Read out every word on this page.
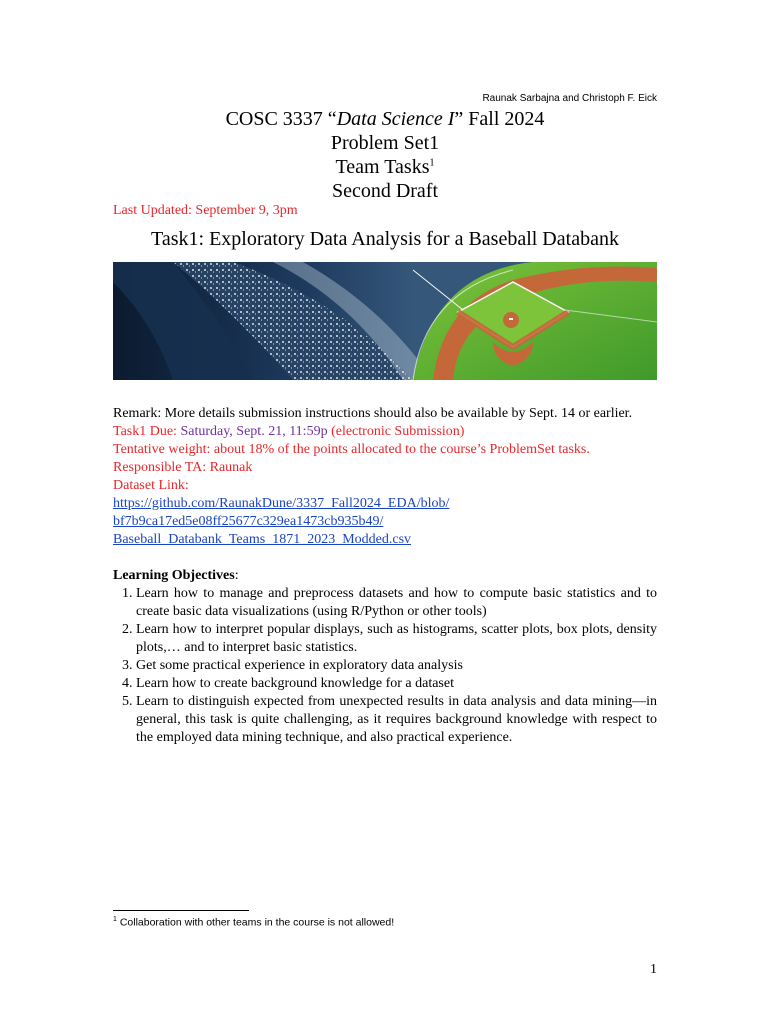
Raunak Sarbajna and Christoph F. Eick
COSC 3337 “Data Science I” Fall 2024
Problem Set1
Team Tasks$^1$
Second Draft
Last Updated: September 9, 3pm
Task1: Exploratory Data Analysis for a Baseball Databank
Remark: More details submission instructions should also be available by Sept. 14 or earlier.
Task1 Due: Saturday, Sept. 21, 11:59p (electronic Submission)
Tentative weight: about 18% of the points allocated to the course’s ProblemSet tasks.
Responsible TA: Raunak
Dataset Link:
https://github.com/RaunakDune/3337_Fall2024_EDA/blob/
bf7b9ca17ed5e08ff25677c329ea1473cb935b49/
Baseball_Databank_Teams_1871_2023_Modded.csv
Learning Objectives:
1. Learn how to manage and preprocess datasets and how to compute basic statistics and to create basic data visualizations (using R/Python or other tools)
2. Learn how to interpret popular displays, such as histograms, scatter plots, box plots, density plots,… and to interpret basic statistics.
3. Get some practical experience in exploratory data analysis
4. Learn how to create background knowledge for a dataset
5. Learn to distinguish expected from unexpected results in data analysis and data mining—in general, this task is quite challenging, as it requires background knowledge with respect to the employed data mining technique, and also practical experience.
$^1$ Collaboration with other teams in the course is not allowed!
1
